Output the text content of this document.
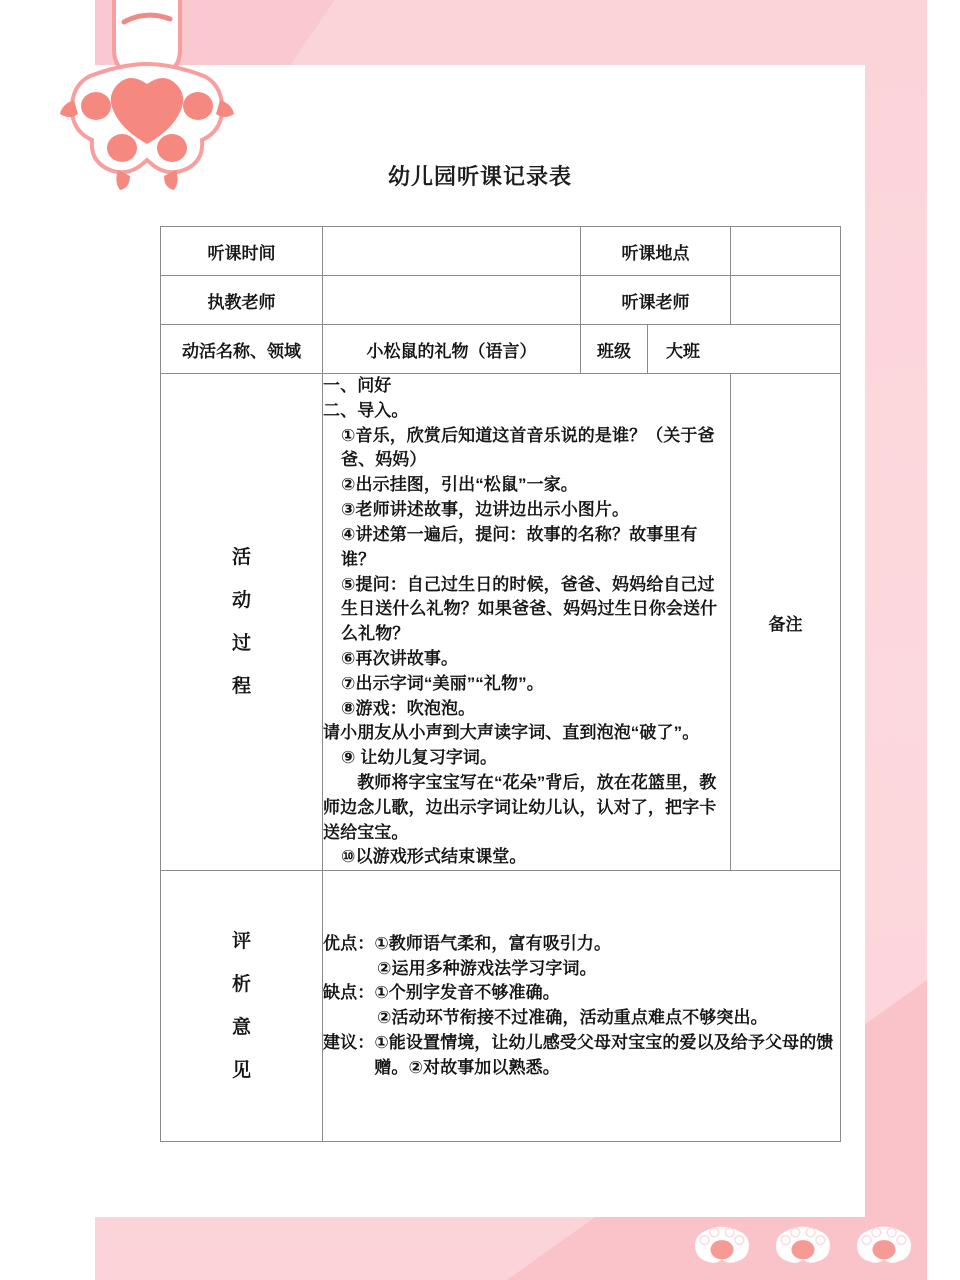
幼儿园听课记录表
听课时间		听课地点		
执教老师		听课老师		
动活名称、领域	小松鼠的礼物（语言）	班级	大班	

活
动
过
程

一、问好

二、导入。

①音乐，欣赏后知道这首音乐说的是谁？（关于爸爸、妈妈）

②出示挂图，引出“松鼠”一家。

③老师讲述故事，边讲边出示小图片。

④讲述第一遍后，提问：故事的名称？故事里有谁？

⑤提问：自己过生日的时候，爸爸、妈妈给自己过生日送什么礼物？如果爸爸、妈妈过生日你会送什么礼物？

⑥再次讲故事。

⑦出示字词“美丽”“礼物”。

⑧游戏：吹泡泡。

请小朋友从小声到大声读字词、直到泡泡“破了”。

⑨ 让幼儿复习字词。

　　教师将字宝宝写在“花朵”背后，放在花篮里，教师边念儿歌，边出示字词让幼儿认，认对了，把字卡送给宝宝。

⑩以游戏形式结束课堂。

	备注

评
析
意
见

优点： ①教师语气柔和，富有吸引力。
②运用多种游戏法学习字词。
缺点： ①个别字发音不够准确。
②活动环节衔接不过准确，活动重点难点不够突出。
建议： ①能设置情境，让幼儿感受父母对宝宝的爱以及给予父母的馈赠。②对故事加以熟悉。
